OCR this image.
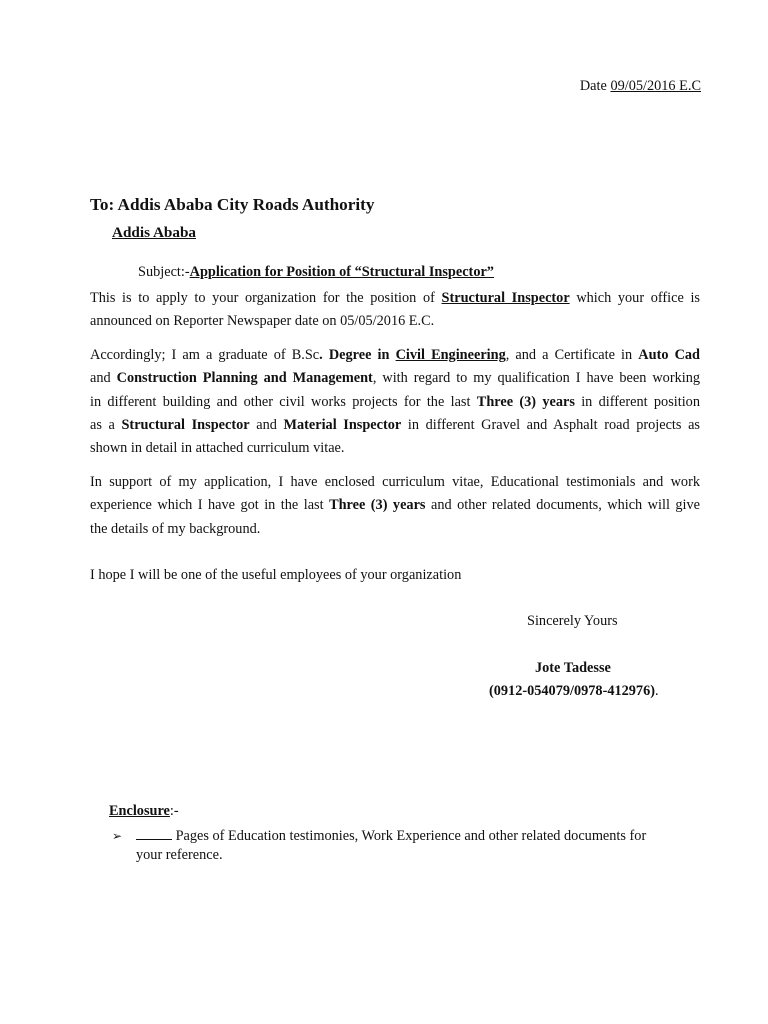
Date 09/05/2016 E.C
To: Addis Ababa City Roads Authority
Addis Ababa
Subject:-Application for Position of “Structural Inspector”
This is to apply to your organization for the position of Structural Inspector which your office is
announced on Reporter Newspaper date on 05/05/2016 E.C.
Accordingly; I am a graduate of B.Sc. Degree in Civil Engineering, and a Certificate in Auto Cad
and Construction Planning and Management, with regard to my qualification I have been working
in different building and other civil works projects for the last Three (3) years in different position
as a Structural Inspector and Material Inspector in different Gravel and Asphalt road projects as
shown in detail in attached curriculum vitae.
In support of my application, I have enclosed curriculum vitae, Educational testimonials and work
experience which I have got in the last Three (3) years and other related documents, which will give
the details of my background.
I hope I will be one of the useful employees of your organization
Sincerely Yours
Jote Tadesse
(0912-054079/0978-412976).
Enclosure:-
➢	Pages of Education testimonies, Work Experience and other related documents for
your reference.
